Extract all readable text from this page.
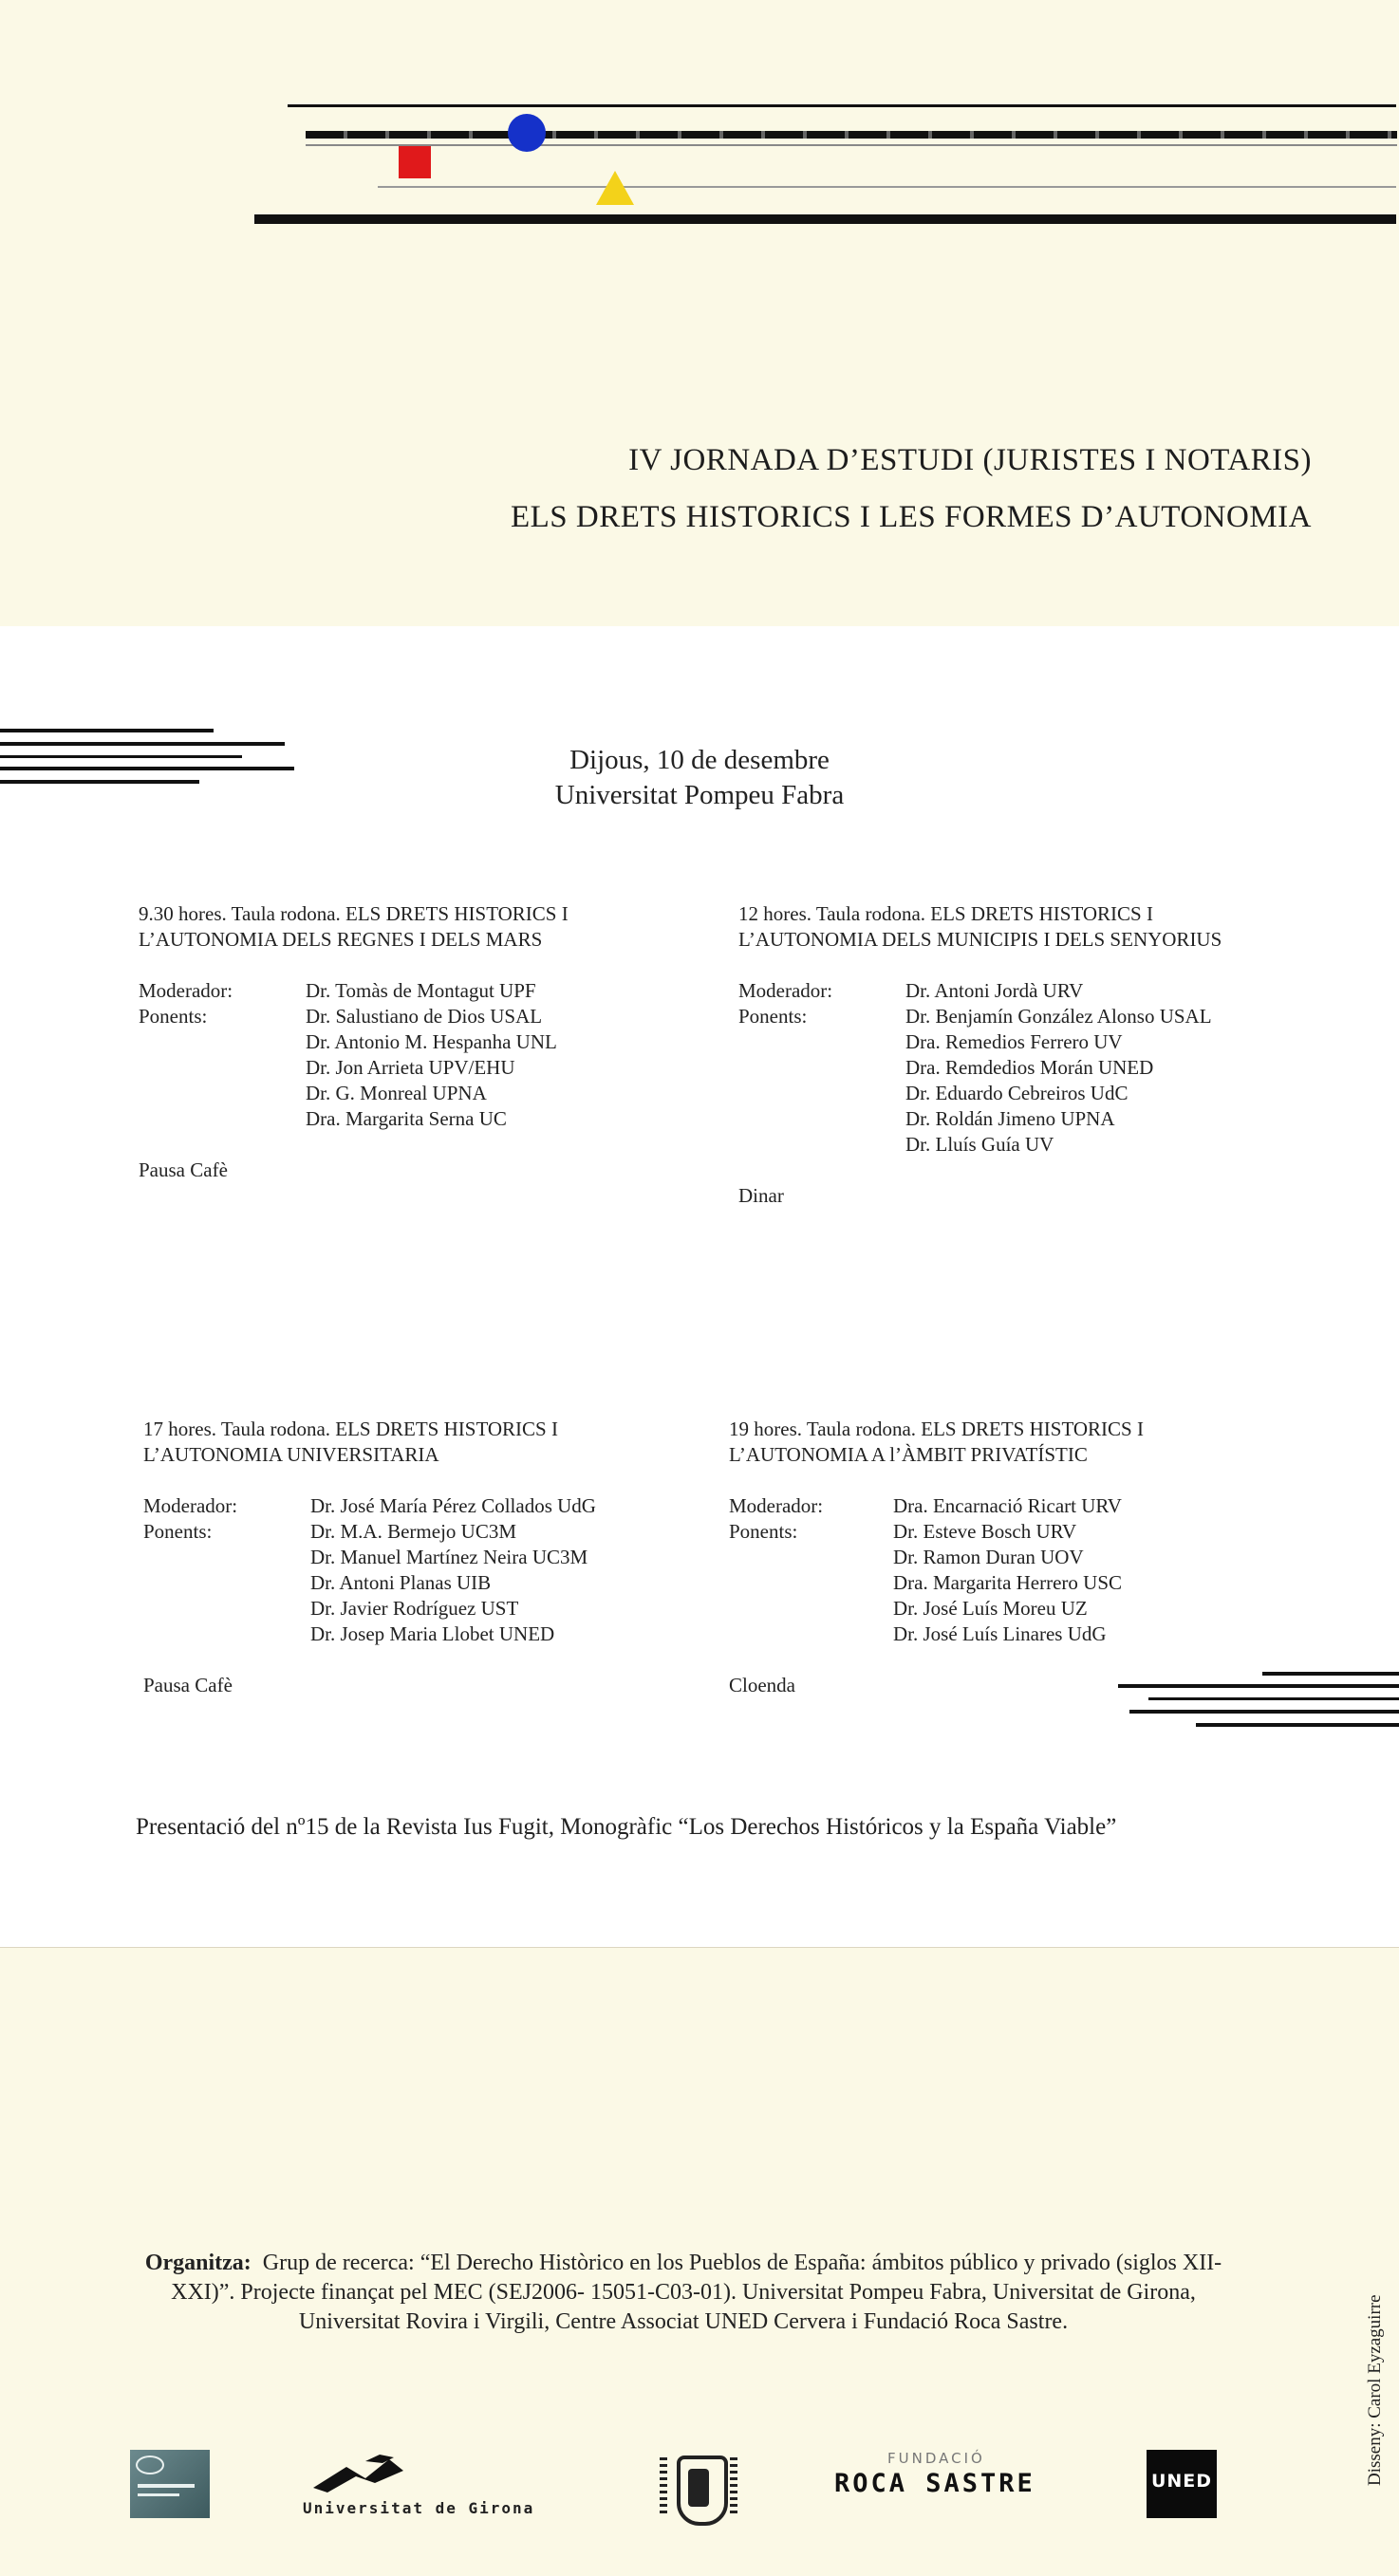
IV JORNADA D’ESTUDI (JURISTES I NOTARIS)
ELS DRETS HISTORICS I LES FORMES D’AUTONOMIA
Dijous, 10 de desembre
Universitat Pompeu Fabra
9.30 hores. Taula rodona. ELS DRETS HISTORICS I
L’AUTONOMIA DELS REGNES I DELS MARS
Moderador:	Dr. Tomàs de Montagut UPF
Ponents:	Dr. Salustiano de Dios USAL
Dr. Antonio M. Hespanha UNL
Dr. Jon Arrieta UPV/EHU
Dr. G. Monreal UPNA
Dra. Margarita Serna UC
Pausa Cafè
12 hores. Taula rodona. ELS DRETS HISTORICS I
L’AUTONOMIA DELS MUNICIPIS I DELS SENYORIUS
Moderador:	Dr. Antoni Jordà URV
Ponents:	Dr. Benjamín González Alonso USAL
Dra. Remedios Ferrero UV
Dra. Remdedios Morán UNED
Dr. Eduardo Cebreiros UdC
Dr. Roldán Jimeno UPNA
Dr. Lluís Guía UV
Dinar
17 hores. Taula rodona. ELS DRETS HISTORICS I
L’AUTONOMIA UNIVERSITARIA
Moderador:	Dr. José María Pérez Collados UdG
Ponents:	Dr. M.A. Bermejo UC3M
Dr. Manuel Martínez Neira UC3M
Dr. Antoni Planas UIB
Dr. Javier Rodríguez UST
Dr. Josep Maria Llobet UNED
Pausa Cafè
19 hores. Taula rodona. ELS DRETS HISTORICS I
L’AUTONOMIA A l’ÀMBIT PRIVATÍSTIC
Moderador:	Dra. Encarnació Ricart URV
Ponents:	Dr. Esteve Bosch URV
Dr. Ramon Duran UOV
Dra. Margarita Herrero USC
Dr. José Luís Moreu UZ
Dr. José Luís Linares UdG
Cloenda
Presentació del nº15 de la Revista Ius Fugit, Monogràfic “Los Derechos Históricos y la España Viable”
Organitza: Grup de recerca: “El Derecho Històrico en los Pueblos de España: ámbitos público y privado (siglos XII- XXI)”. Projecte finançat pel MEC (SEJ2006- 15051-C03-01). Universitat Pompeu Fabra, Universitat de Girona, Universitat Rovira i Virgili, Centre Associat UNED Cervera i Fundació Roca Sastre.	Disseny: Carol Eyzaguirre
Universitat de Girona
FUNDACIÓ
ROCA SASTRE	UNED
